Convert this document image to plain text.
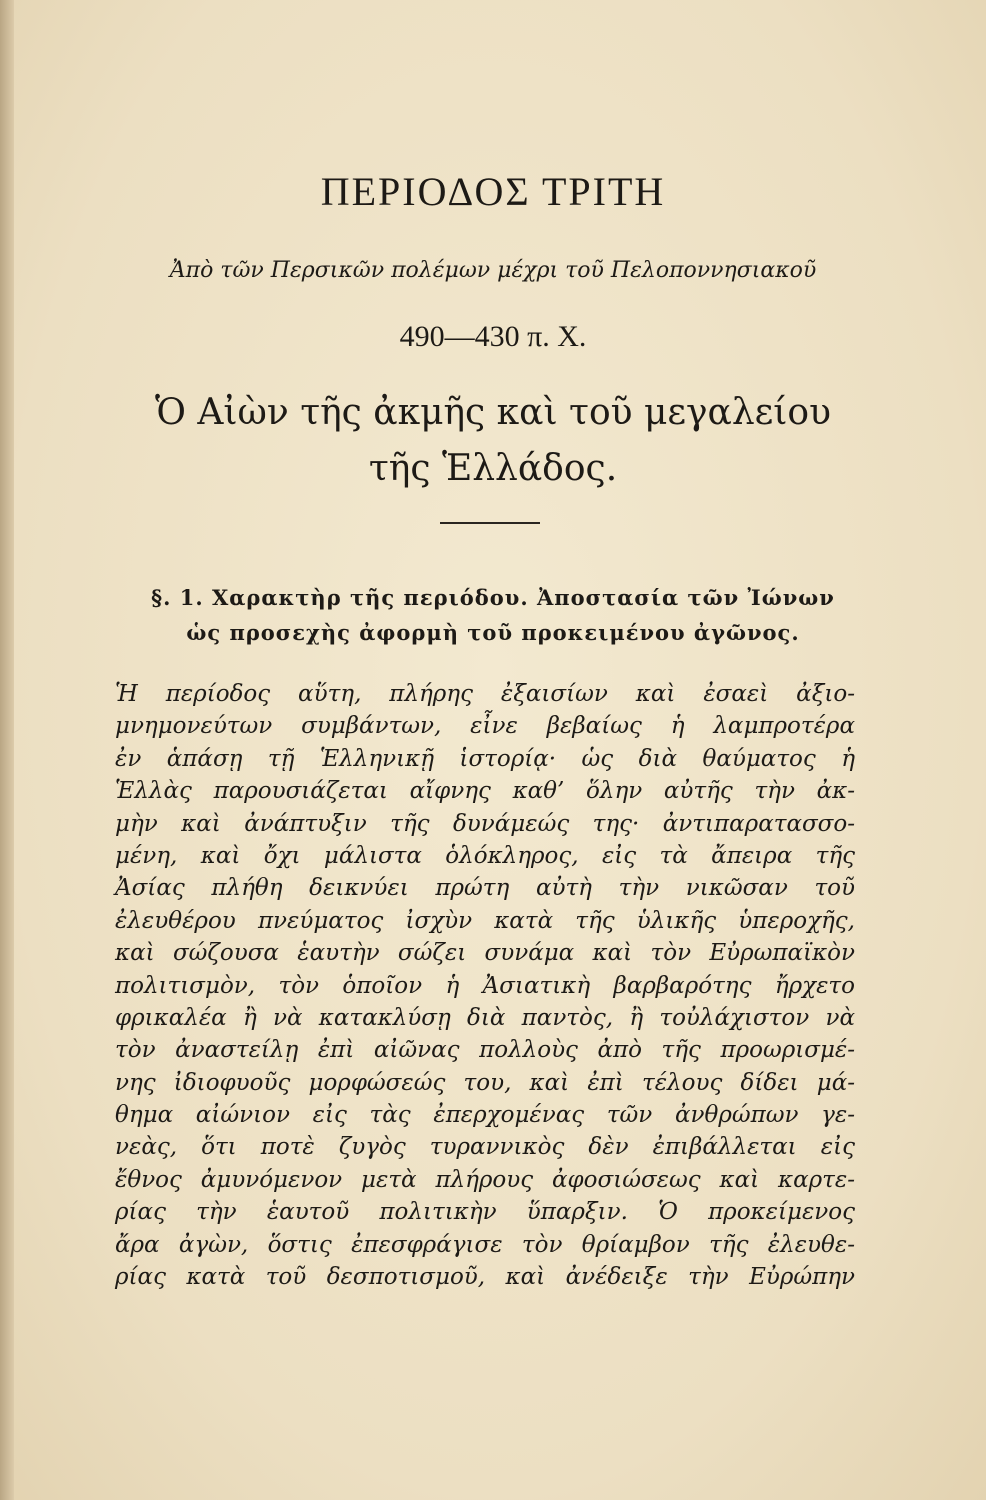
ΠΕΡΙΟΔΟΣ ΤΡΙΤΗ
Ἀπὸ τῶν Περσικῶν πολέμων μέχρι τοῦ Πελοποννησιακοῦ
490—430 π. Χ.
Ὁ Αἰὼν τῆς ἀκμῆς καὶ τοῦ μεγαλείου
τῆς Ἑλλάδος.
§. 1. Χαρακτὴρ τῆς περιόδου. Ἀποστασία τῶν Ἰώνων
ὡς προσεχὴς ἀφορμὴ τοῦ προκειμένου ἀγῶνος.
Ἡ περίοδος αὕτη, πλήρης ἐξαισίων καὶ ἐσαεὶ ἀξιο-
μνημονεύτων συμβάντων, εἶνε βεβαίως ἡ λαμπροτέρα
ἐν ἁπάσῃ τῇ Ἑλληνικῇ ἱστορίᾳ· ὡς διὰ θαύματος ἡ
Ἑλλὰς παρουσιάζεται αἴφνης καθ’ ὅλην αὐτῆς τὴν ἀκ-
μὴν καὶ ἀνάπτυξιν τῆς δυνάμεώς της· ἀντιπαρατασσο-
μένη, καὶ ὄχι μάλιστα ὁλόκληρος, εἰς τὰ ἄπειρα τῆς
Ἀσίας πλήθη δεικνύει πρώτη αὐτὴ τὴν νικῶσαν τοῦ
ἐλευθέρου πνεύματος ἰσχὺν κατὰ τῆς ὑλικῆς ὑπεροχῆς,
καὶ σώζουσα ἑαυτὴν σώζει συνάμα καὶ τὸν Εὐρωπαϊκὸν
πολιτισμὸν, τὸν ὁποῖον ἡ Ἀσιατικὴ βαρβαρότης ἤρχετο
φρικαλέα ἢ νὰ κατακλύσῃ διὰ παντὸς, ἢ τοὐλάχιστον νὰ
τὸν ἀναστείλῃ ἐπὶ αἰῶνας πολλοὺς ἀπὸ τῆς προωρισμέ-
νης ἰδιοφυοῦς μορφώσεώς του, καὶ ἐπὶ τέλους δίδει μά-
θημα αἰώνιον εἰς τὰς ἐπερχομένας τῶν ἀνθρώπων γε-
νεὰς, ὅτι ποτὲ ζυγὸς τυραννικὸς δὲν ἐπιβάλλεται εἰς
ἔθνος ἀμυνόμενον μετὰ πλήρους ἀφοσιώσεως καὶ καρτε-
ρίας τὴν ἑαυτοῦ πολιτικὴν ὕπαρξιν. Ὁ προκείμενος
ἄρα ἀγὼν, ὅστις ἐπεσφράγισε τὸν θρίαμβον τῆς ἐλευθε-
ρίας κατὰ τοῦ δεσποτισμοῦ, καὶ ἀνέδειξε τὴν Εὐρώπην
